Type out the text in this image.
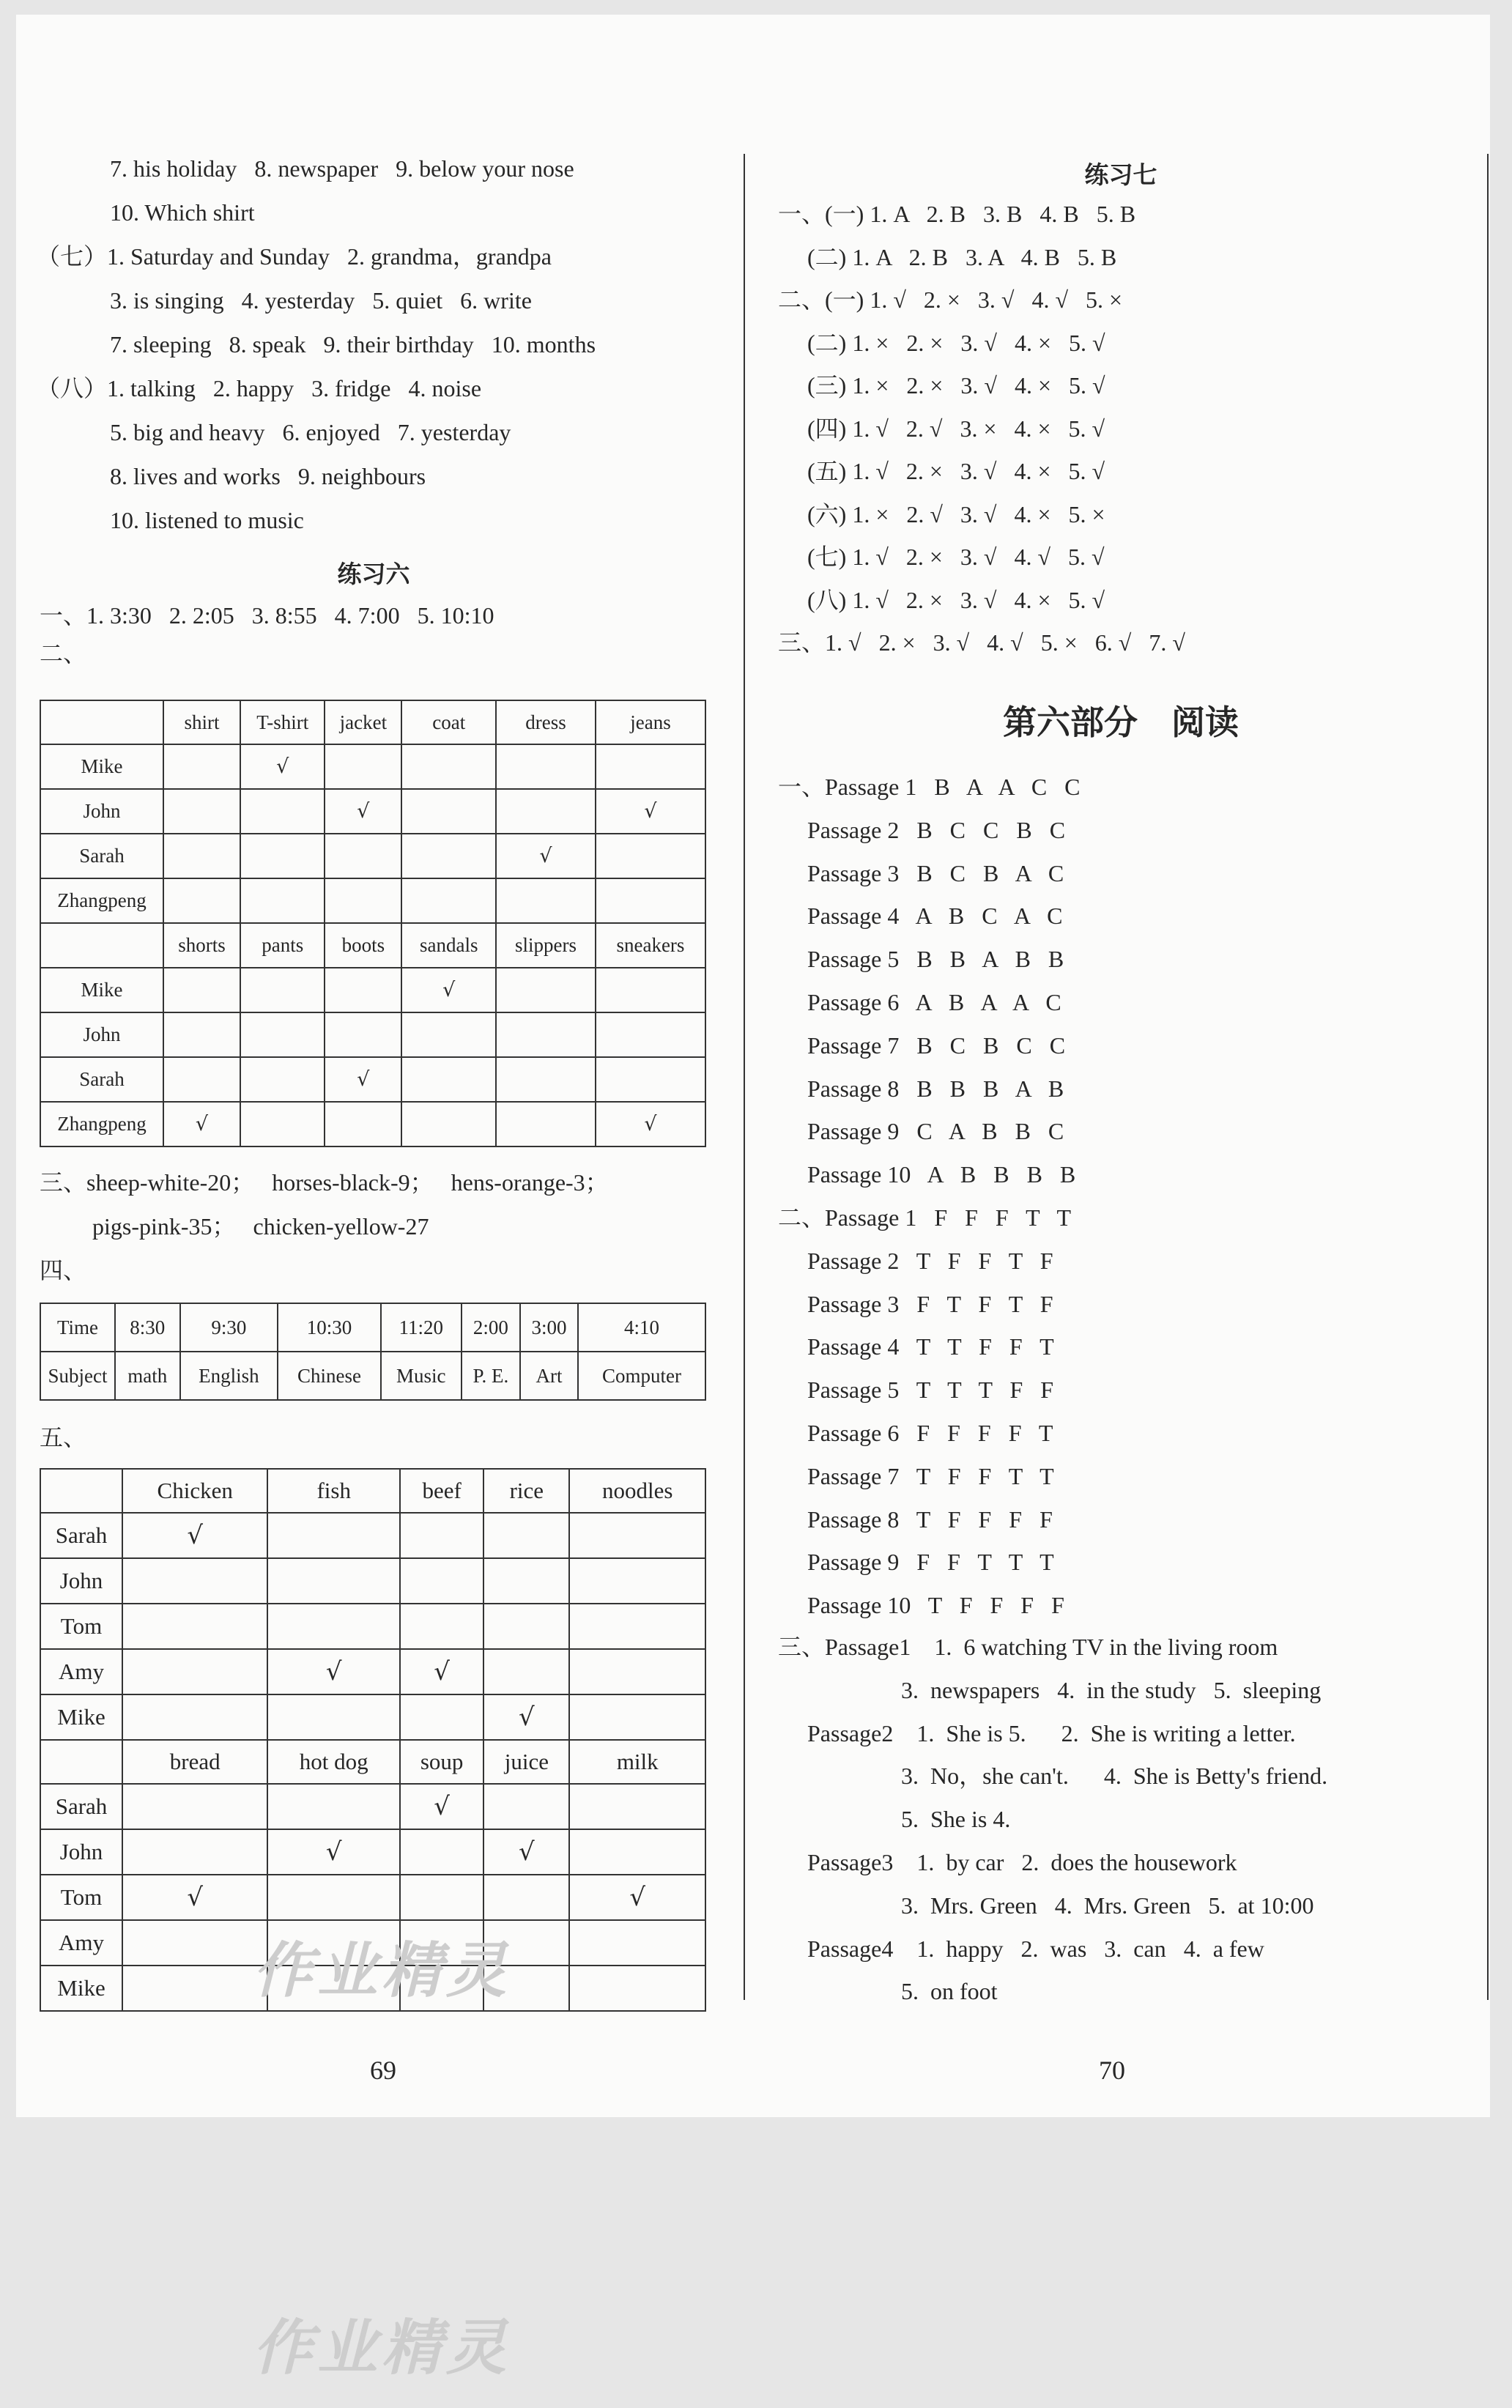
7. his holiday   8. newspaper   9. below your nose
10. Which shirt
（七）1. Saturday and Sunday   2. grandma，grandpa
3. is singing   4. yesterday   5. quiet   6. write
7. sleeping   8. speak   9. their birthday   10. months
（八）1. talking   2. happy   3. fridge   4. noise
5. big and heavy   6. enjoyed   7. yesterday
8. lives and works   9. neighbours
10. listened to music
练习六
一、1. 3:30   2. 2:05   3. 8:55   4. 7:00   5. 10:10
二、
	shirt	T-shirt	jacket	coat	dress	jeans
Mike		√				
John			√			√
Sarah					√	
Zhangpeng						
	shorts	pants	boots	sandals	slippers	sneakers
Mike				√		
John						
Sarah			√			
Zhangpeng	√					√
三、sheep-white-20；   horses-black-9；   hens-orange-3；
pigs-pink-35；   chicken-yellow-27
四、
Time	8:30	9:30	10:30	11:20	2:00	3:00	4:10
Subject	math	English	Chinese	Music	P. E.	Art	Computer
五、
	Chicken	fish	beef	rice	noodles
Sarah	√				
John					
Tom					
Amy		√	√		
Mike				√	
	bread	hot dog	soup	juice	milk
Sarah			√		
John		√		√	
Tom	√				√
Amy					
Mike					
69
练习七
一、(一) 1. A   2. B   3. B   4. B   5. B
(二) 1. A   2. B   3. A   4. B   5. B
二、(一) 1. √   2. ×   3. √   4. √   5. ×
(二) 1. ×   2. ×   3. √   4. ×   5. √
(三) 1. ×   2. ×   3. √   4. ×   5. √
(四) 1. √   2. √   3. ×   4. ×   5. √
(五) 1. √   2. ×   3. √   4. ×   5. √
(六) 1. ×   2. √   3. √   4. ×   5. ×
(七) 1. √   2. ×   3. √   4. √   5. √
(八) 1. √   2. ×   3. √   4. ×   5. √
三、1. √   2. ×   3. √   4. √   5. ×   6. √   7. √
第六部分　阅读
一、Passage 1   B   A   A   C   C
Passage 2   B   C   C   B   C
Passage 3   B   C   B   A   C
Passage 4   A   B   C   A   C
Passage 5   B   B   A   B   B
Passage 6   A   B   A   A   C
Passage 7   B   C   B   C   C
Passage 8   B   B   B   A   B
Passage 9   C   A   B   B   C
Passage 10   A   B   B   B   B
二、Passage 1   F   F   F   T   T
Passage 2   T   F   F   T   F
Passage 3   F   T   F   T   F
Passage 4   T   T   F   F   T
Passage 5   T   T   T   F   F
Passage 6   F   F   F   F   T
Passage 7   T   F   F   T   T
Passage 8   T   F   F   F   F
Passage 9   F   F   T   T   T
Passage 10   T   F   F   F   F
三、Passage1    1.  6 watching TV in the living room
3.  newspapers   4.  in the study   5.  sleeping
Passage2    1.  She is 5.      2.  She is writing a letter.
3.  No，she can't.      4.  She is Betty's friend.
5.  She is 4.
Passage3    1.  by car   2.  does the housework
3.  Mrs. Green   4.  Mrs. Green   5.  at 10:00
Passage4    1.  happy   2.  was   3.  can   4.  a few
5.  on foot
70
作业精灵
作业精灵
